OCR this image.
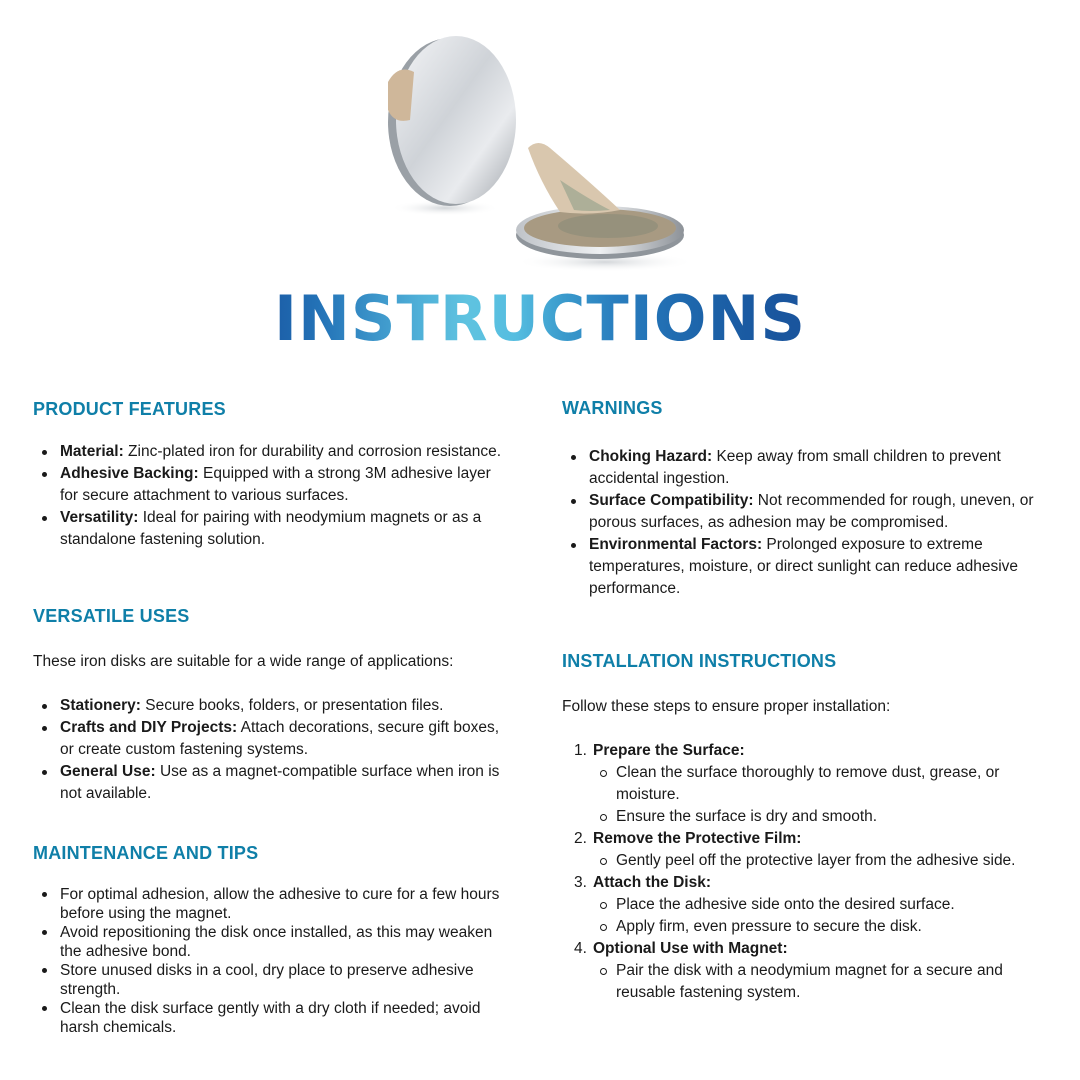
INSTRUCTIONS
PRODUCT FEATURES
Material: Zinc-plated iron for durability and corrosion resistance.
Adhesive Backing: Equipped with a strong 3M adhesive layer for secure attachment to various surfaces.
Versatility: Ideal for pairing with neodymium magnets or as a standalone fastening solution.
VERSATILE USES

These iron disks are suitable for a wide range of applications:

Stationery: Secure books, folders, or presentation files.
Crafts and DIY Projects: Attach decorations, secure gift boxes, or create custom fastening systems.
General Use: Use as a magnet-compatible surface when iron is not available.
MAINTENANCE AND TIPS
For optimal adhesion, allow the adhesive to cure for a few hours before using the magnet.
Avoid repositioning the disk once installed, as this may weaken the adhesive bond.
Store unused disks in a cool, dry place to preserve adhesive strength.
Clean the disk surface gently with a dry cloth if needed; avoid harsh chemicals.
WARNINGS
Choking Hazard: Keep away from small children to prevent accidental ingestion.
Surface Compatibility: Not recommended for rough, uneven, or porous surfaces, as adhesion may be compromised.
Environmental Factors: Prolonged exposure to extreme temperatures, moisture, or direct sunlight can reduce adhesive performance.
INSTALLATION INSTRUCTIONS

Follow these steps to ensure proper installation:

1. Prepare the Surface:
Clean the surface thoroughly to remove dust, grease, or moisture.
Ensure the surface is dry and smooth.
2. Remove the Protective Film:
Gently peel off the protective layer from the adhesive side.
3. Attach the Disk:
Place the adhesive side onto the desired surface.
Apply firm, even pressure to secure the disk.
4. Optional Use with Magnet:
Pair the disk with a neodymium magnet for a secure and reusable fastening system.
